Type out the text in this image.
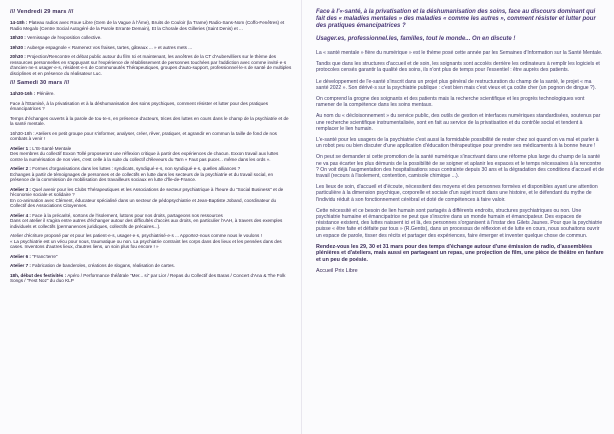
/// Vendredi 29 mars ///
14-18h : Plateau radios avec Roue Libre (Gem de la Vague à l'Âme), Bruits de Couloir (la Trame) Radio-Sans-Nom (Coffo-Fenêtres) et Radio Megalo (Centre Social Autogéré de la Parole Errante Demain), Et la Chorale des Gilleries (Saint Denis) et ...
18h30 : Vernissage de l'exposition collective.
19h30 : Auberge espagnole « Ramenez vos fraises, tartes, gâteaux ... » et autres mets ...
20h30 : Projection/Rencontre et débat public autour du film Ici et maintenant, les ancêtres de la CT d'Aubervilliers sur le thème des ressources personnelles en s'appuyant sur l'expérience de rétablissement de personnes touchées par l'addiction avec comme invité·e·s d'ancien·ne·s usager·e·s, résident·e·s de Communautés Thérapeutiques, groupes d'auto-support, professionnel·le·s de santé de multiples disciplines et en présence du réalisateur Luc.
/// Samedi 30 mars ///
14h30-16h : Plénière.
Face à l'Etamisé, à la privatisation et à la déshumanisation des soins psychiques, comment résister et lutter pour des pratiques émancipatrices ?
Temps d'échanges ouverts à la parole de tou·te·s, en présence d'acteurs, trices des luttes en cours dans le champ de la psychiatrie et de la santé mentale.
16h30-18h : Ateliers en petit groupe pour s'informer, analyser, créer, rêver, pratiquer, et agrandir en commun la taille de fond de nos combats à venir !
Atelier 1 : L'IS-Santé Mentale
Des membres du collectif Exxon Tollé proposeront une réflexion critique à partir des expériences de chacun. Exxon travail aux luttes contre la numérisation de nos vies, c'est celle à la suite du collectif d'éleveurs du Tarn « Faut pas pucer... même dans les ords ».
Atelier 2 : Formes d'organisations dans les luttes : syndicats, syndiqué·e·s, non syndiqué·e·s, quelles alliances ?
Echanges à partir de témoignages de personnes et de collectifs en lutte dans les secteurs de la psychiatrie et du travail social, en présence de la commission de mobilisation des travailleurs sociaux en lutte d'Île-de-France.
Atelier 3 : Quel avenir pour les Clubs Thérapeutiques et les Associations de secteur psychiatrique à l'heure du "Social Business" et de l'économie sociale et solidaire ?
En co-animation avec Clément, éducateur spécialisé dans un secteur de pédopsychiatrie et Jean-Baptiste Joband, coordinateur du Collectif des Associations Citoyennes.
Atelier 4 : Face à la précarité, sortons de l'isolement, luttons pour nos droits, partageons nos ressources
Dans cet atelier il s'agira entre autres d'échanger autour des difficultés d'accès aux droits, en particulier l'AAH, à travers des exemples individuels et collectifs (permanences juridiques, collectifs de précaires...).
Atelier d'écriture proposé par et pour les patient·e·s, usager·e·s, psychiatrisé·e·s ... Apportez-nous comme nous le voulons !
« La psychiatrie est un vécu pour nous, traumatique ou non. La psychiatrie contraint les corps dans des lieux et les pensées dans des cases. Inventons d'autres lieux, d'autres liens, un soin plus fou encore ! »
Atelier 6 : "Franc'terre"
Atelier 7 : Fabrication de banderoles, créations de slogans, réalisation de cartes.
18h, début des festivités : Apéro / Performance théâtrale "Mer... si" par Lior / Repas du Collectif des Baras / Concert d'Ana & The Folk Songs / "Fest Noz" du duo KLP
Face à l'«-santé, à la privatisation et la déshumanisation des soins, face au discours dominant qui fait des « maladies mentales » des maladies « comme les autres », comment résister et lutter pour des pratiques émancipatrices ?
Usager.es, professionnel.les, familles, tout le monde... On en discute !
La « santé mentale » fière du numérique » est le thème posé cette année par les Semaines d'Information sur la Santé Mentale.
Tandis que dans les structures d'accueil et de soin, les soignants sont accolés derrière les ordinateurs à remplir les logiciels et protocoles censés garantir la qualité des soins, ils n'ont plus de temps pour l'essentiel : être auprès des patients.
Le développement de l'e-santé s'inscrit dans un projet plus général de restructuration du champ de la santé, le projet « ma santé 2022 ». Son dérivé·s sur la psychiatrie publique : c'est bien mais c'est vieux et ça coûte cher (un pognon de dingue ?).
On comprend la grogne des soignants et des patients mais la recherche scientifique et les progrès technologiques vont ramener de la compétence dans les soins mentaux.
Au nom du « décloisonnement » du service public, des outils de gestion et interfaces numériques standardisées, soutenus par une recherche scientifique instrumentalisée, sont en fait au service de la privatisation et du contrôle social et tendent à remplacer le lien humain.
L'e-santé pour les usagers de la psychiatrie c'est aussi la formidable possibilité de rester chez soi quand on va mal et parler à un robot peu ou bien discuter d'une application d'éducation thérapeutique pour prendre ses médicaments à la bonne heure !
On peut se demander si cette promotion de la santé numérique s'inscrivant dans une réforme plus large du champ de la santé ne va pas écarter les plus démunis de la possibilité de se soigner et aplanir les espaces et le temps nécessaires à la rencontre ? On voit déjà l'augmentation des hospitalisations sous contrainte depuis 30 ans et la dégradation des conditions d'accueil et de travail (recours à l'isolement, contention, camisole chimique ...).
Les lieux de soin, d'accueil et d'écoute, nécessitent des moyens et des personnes formées et disponibles ayant une attention particulière à la dimension psychique, corporelle et sociale d'un sujet inscrit dans une histoire, et le défendant du mythe de l'individu réduit à son fonctionnement cérébral et doté de compétences à faire valoir.
Cette nécessité et ce besoin de lien humain sont partagés à différents endroits, structures psychiatriques ou non. Une psychiatrie humaine et émancipatrice ne peut que s'inscrire dans un monde humain et émancipateur. Des espaces de résistance existent, des luttes naissent ici et là, des personnes s'organisent à l'instar des Gilets Jaunes. Pour que la psychiatrie puisse « être faite et défaite par tous » (R.Gentis), dans un processus de réflexion et de lutte en cours, nous souhaitons ouvrir un espace de parole, tisser des récits et partager des expériences, faire émerger et inventer quelque chose de commun.
Rendez-vous les 29, 30 et 31 mars pour des temps d'échange autour d'une émission de radio, d'assemblées plénières et d'ateliers, mais aussi en partageant un repas, une projection de film, une pièce de théâtre en fanfare et un peu de poésie.
Accueil Prix Libre
